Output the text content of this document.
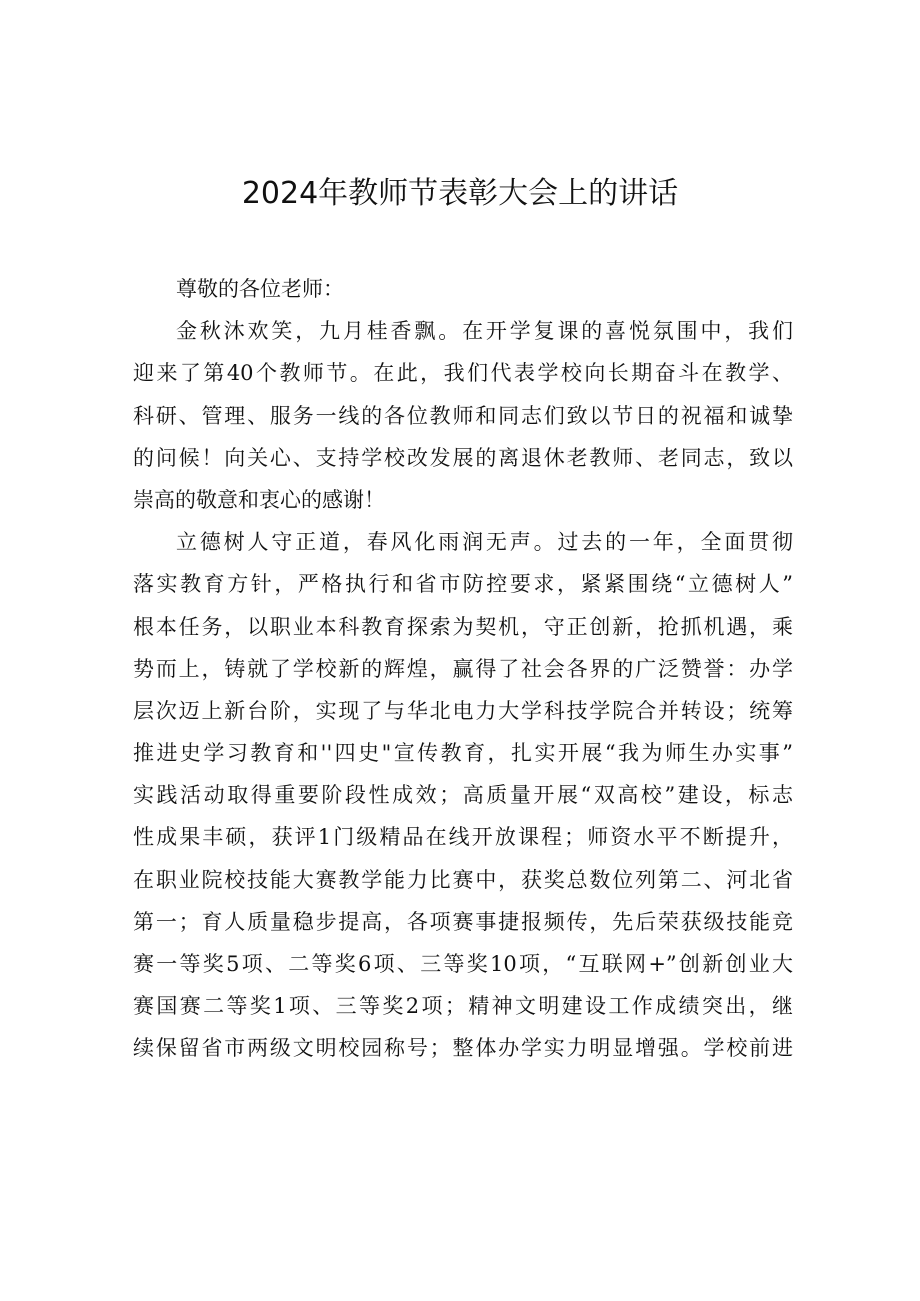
2024年教师节表彰大会上的讲话
尊敬的各位老师：
金秋沐欢笑，九月桂香飘。在开学复课的喜悦氛围中，我们
迎来了第40个教师节。在此，我们代表学校向长期奋斗在教学、
科研、管理、服务一线的各位教师和同志们致以节日的祝福和诚挚
的问候！向关心、支持学校改发展的离退休老教师、老同志，致以
崇高的敬意和衷心的感谢！
立德树人守正道，春风化雨润无声。过去的一年，全面贯彻
落实教育方针，严格执行和省市防控要求，紧紧围绕“立德树人”
根本任务，以职业本科教育探索为契机，守正创新，抢抓机遇，乘
势而上，铸就了学校新的辉煌，赢得了社会各界的广泛赞誉：办学
层次迈上新台阶，实现了与华北电力大学科技学院合并转设；统筹
推进史学习教育和''四史"宣传教育，扎实开展“我为师生办实事”
实践活动取得重要阶段性成效；高质量开展“双高校”建设，标志
性成果丰硕，获评1门级精品在线开放课程；师资水平不断提升，
在职业院校技能大赛教学能力比赛中，获奖总数位列第二、河北省
第一；育人质量稳步提高，各项赛事捷报频传，先后荣获级技能竞
赛一等奖5项、二等奖6项、三等奖10项，“互联网+”创新创业大
赛国赛二等奖1项、三等奖2项；精神文明建设工作成绩突出，继
续保留省市两级文明校园称号；整体办学实力明显增强。学校前进
